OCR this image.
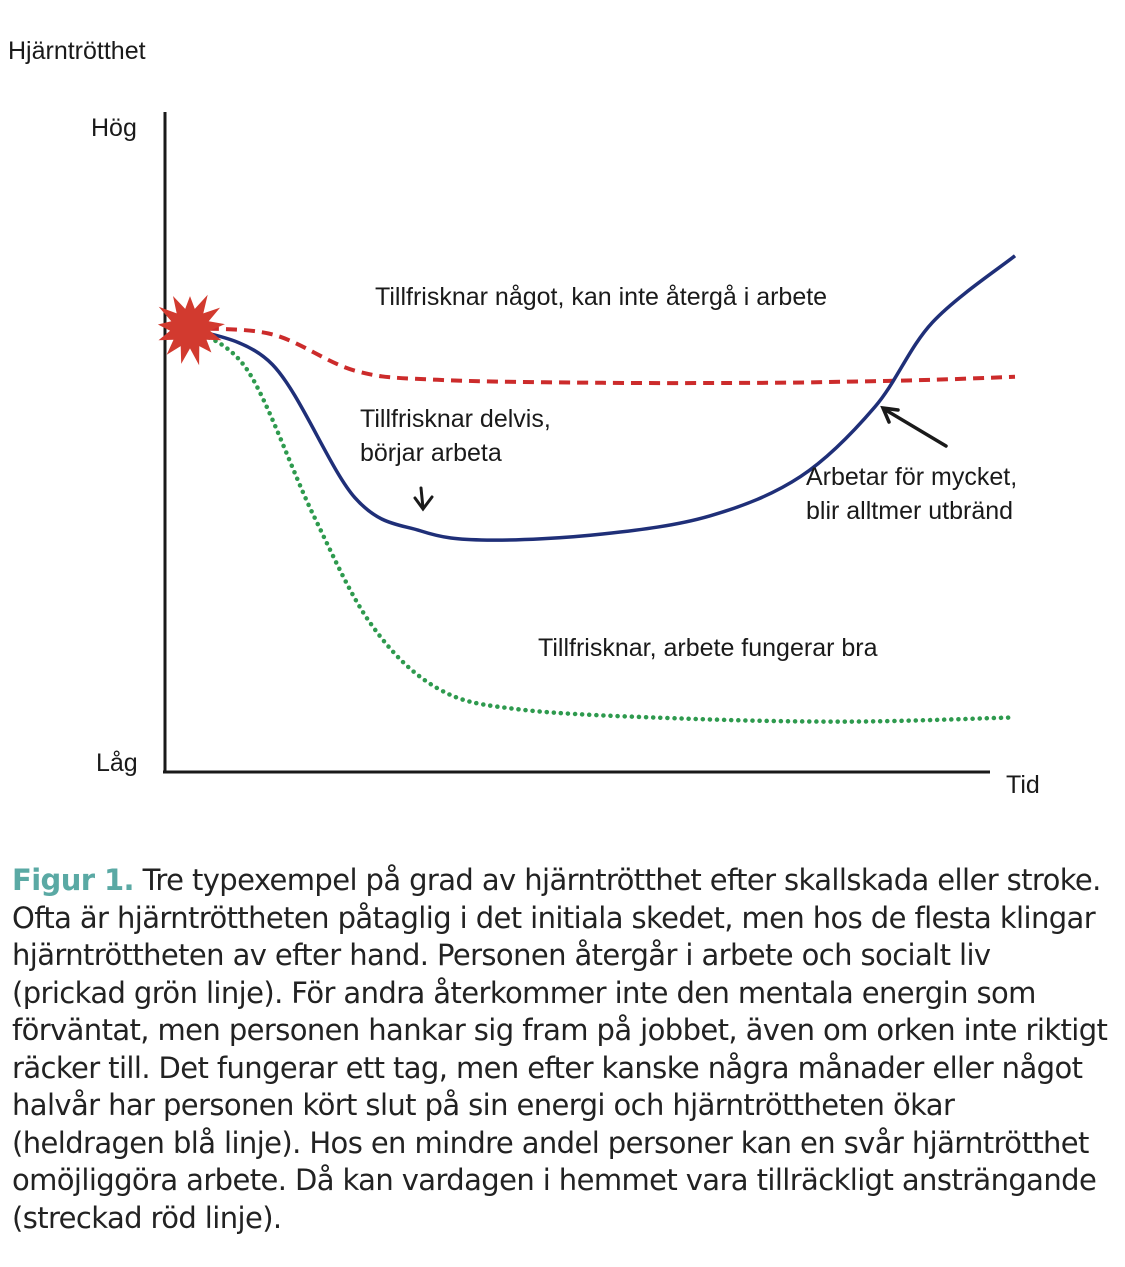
Hjärntrötthet
Hög
Låg
Tid
Tillfrisknar något, kan inte återgå i arbete
Tillfrisknar delvis,
börjar arbeta
Arbetar för mycket,
blir alltmer utbränd
Tillfrisknar, arbete fungerar bra
Figur 1. Tre typexempel på grad av hjärntrötthet efter skallskada eller stroke. Ofta är hjärntröttheten påtaglig i det initiala skedet, men hos de flesta klingar hjärntröttheten av efter hand. Personen återgår i arbete och socialt liv (prickad grön linje). För andra återkommer inte den mentala energin som förväntat, men personen hankar sig fram på jobbet, även om orken inte riktigt räcker till. Det fungerar ett tag, men efter kanske några månader eller något halvår har personen kört slut på sin energi och hjärntröttheten ökar (heldragen blå linje). Hos en mindre andel personer kan en svår hjärntrötthet omöjliggöra arbete. Då kan vardagen i hemmet vara tillräckligt ansträngande (streckad röd linje).
